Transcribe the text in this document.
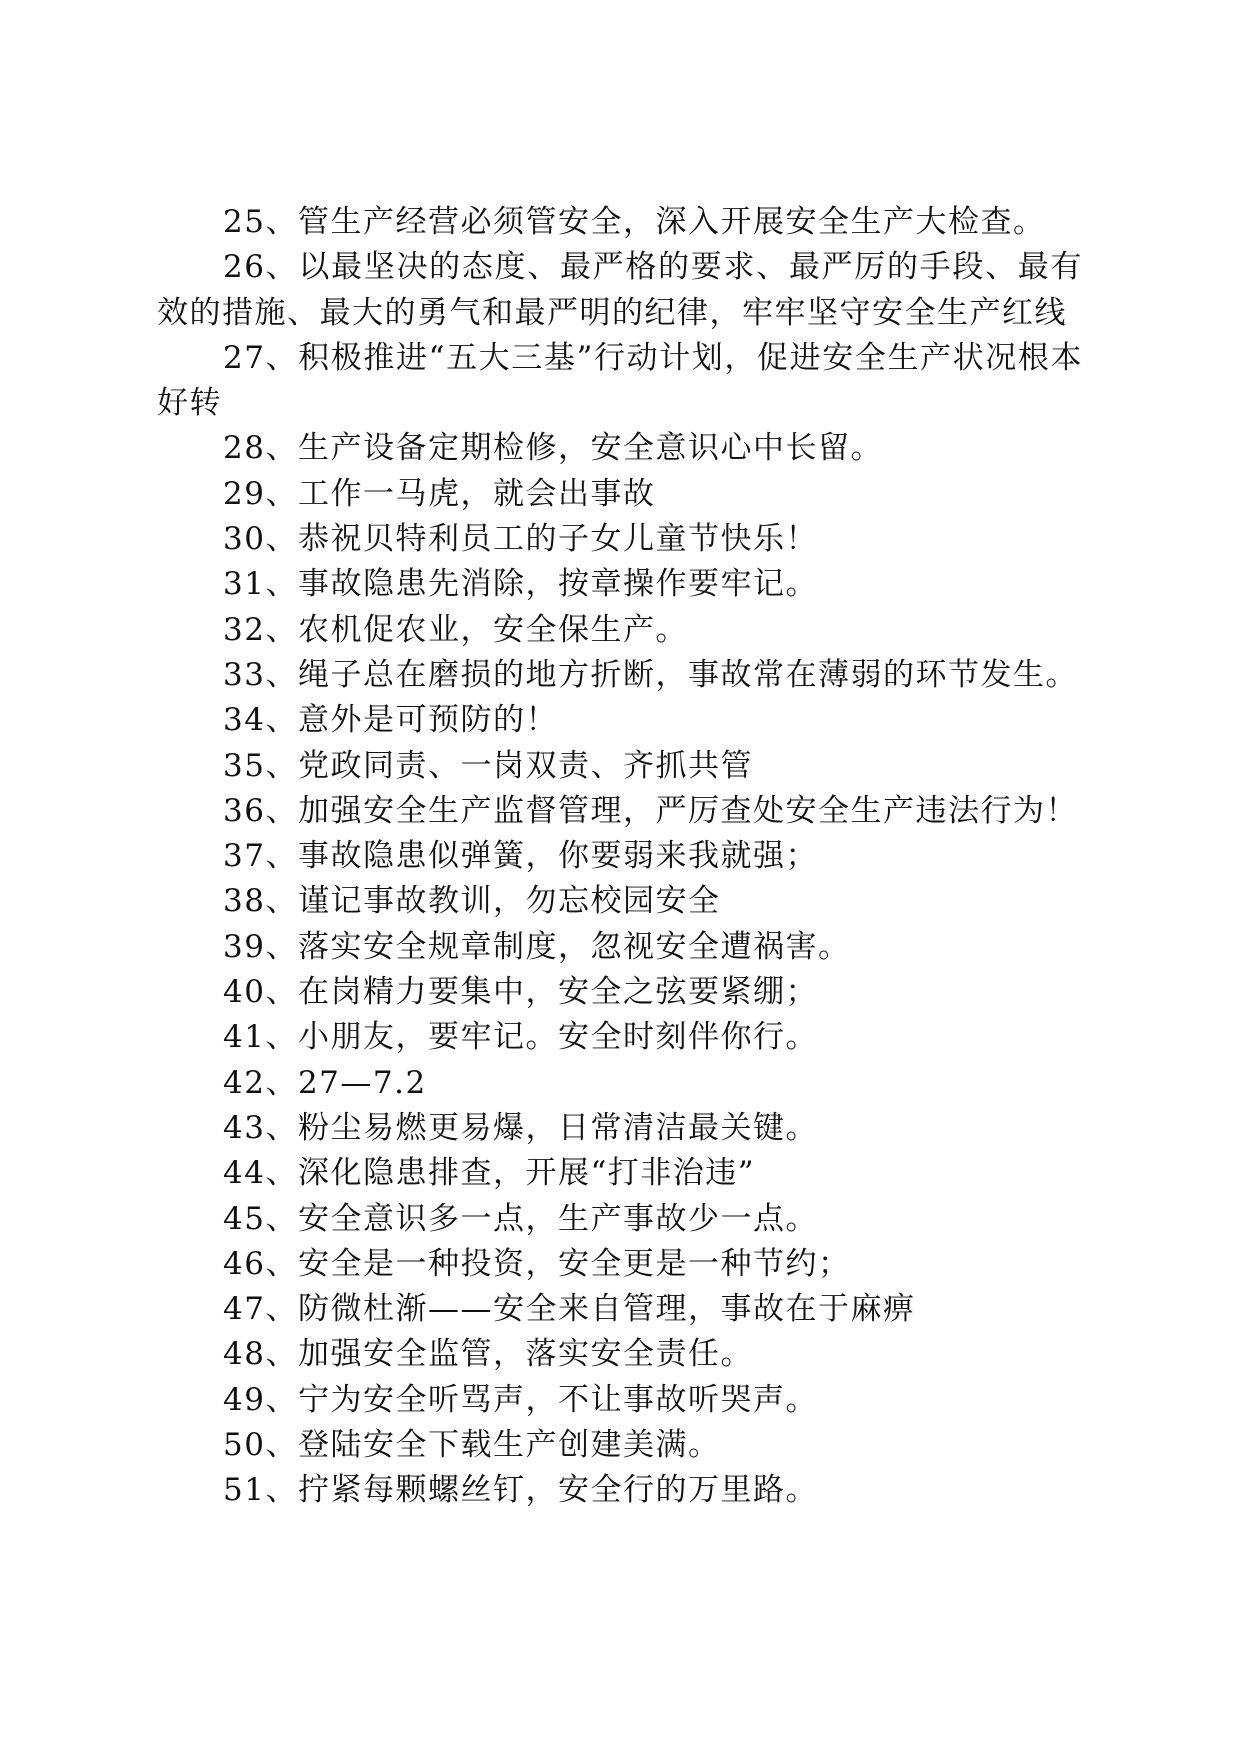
25、管生产经营必须管安全，深入开展安全生产大检查。

26、以最坚决的态度、最严格的要求、最严厉的手段、最有效的措施、最大的勇气和最严明的纪律，牢牢坚守安全生产红线

27、积极推进“五大三基”行动计划，促进安全生产状况根本好转

28、生产设备定期检修，安全意识心中长留。

29、工作一马虎，就会出事故

30、恭祝贝特利员工的子女儿童节快乐！

31、事故隐患先消除，按章操作要牢记。

32、农机促农业，安全保生产。

33、绳子总在磨损的地方折断，事故常在薄弱的环节发生。

34、意外是可预防的！

35、党政同责、一岗双责、齐抓共管

36、加强安全生产监督管理，严厉查处安全生产违法行为！

37、事故隐患似弹簧，你要弱来我就强；

38、谨记事故教训，勿忘校园安全

39、落实安全规章制度，忽视安全遭祸害。

40、在岗精力要集中，安全之弦要紧绷；

41、小朋友，要牢记。安全时刻伴你行。

42、27—7.2

43、粉尘易燃更易爆，日常清洁最关键。

44、深化隐患排查，开展“打非治违”

45、安全意识多一点，生产事故少一点。

46、安全是一种投资，安全更是一种节约；

47、防微杜渐——安全来自管理，事故在于麻痹

48、加强安全监管，落实安全责任。

49、宁为安全听骂声，不让事故听哭声。

50、登陆安全下载生产创建美满。

51、拧紧每颗螺丝钉，安全行的万里路。
